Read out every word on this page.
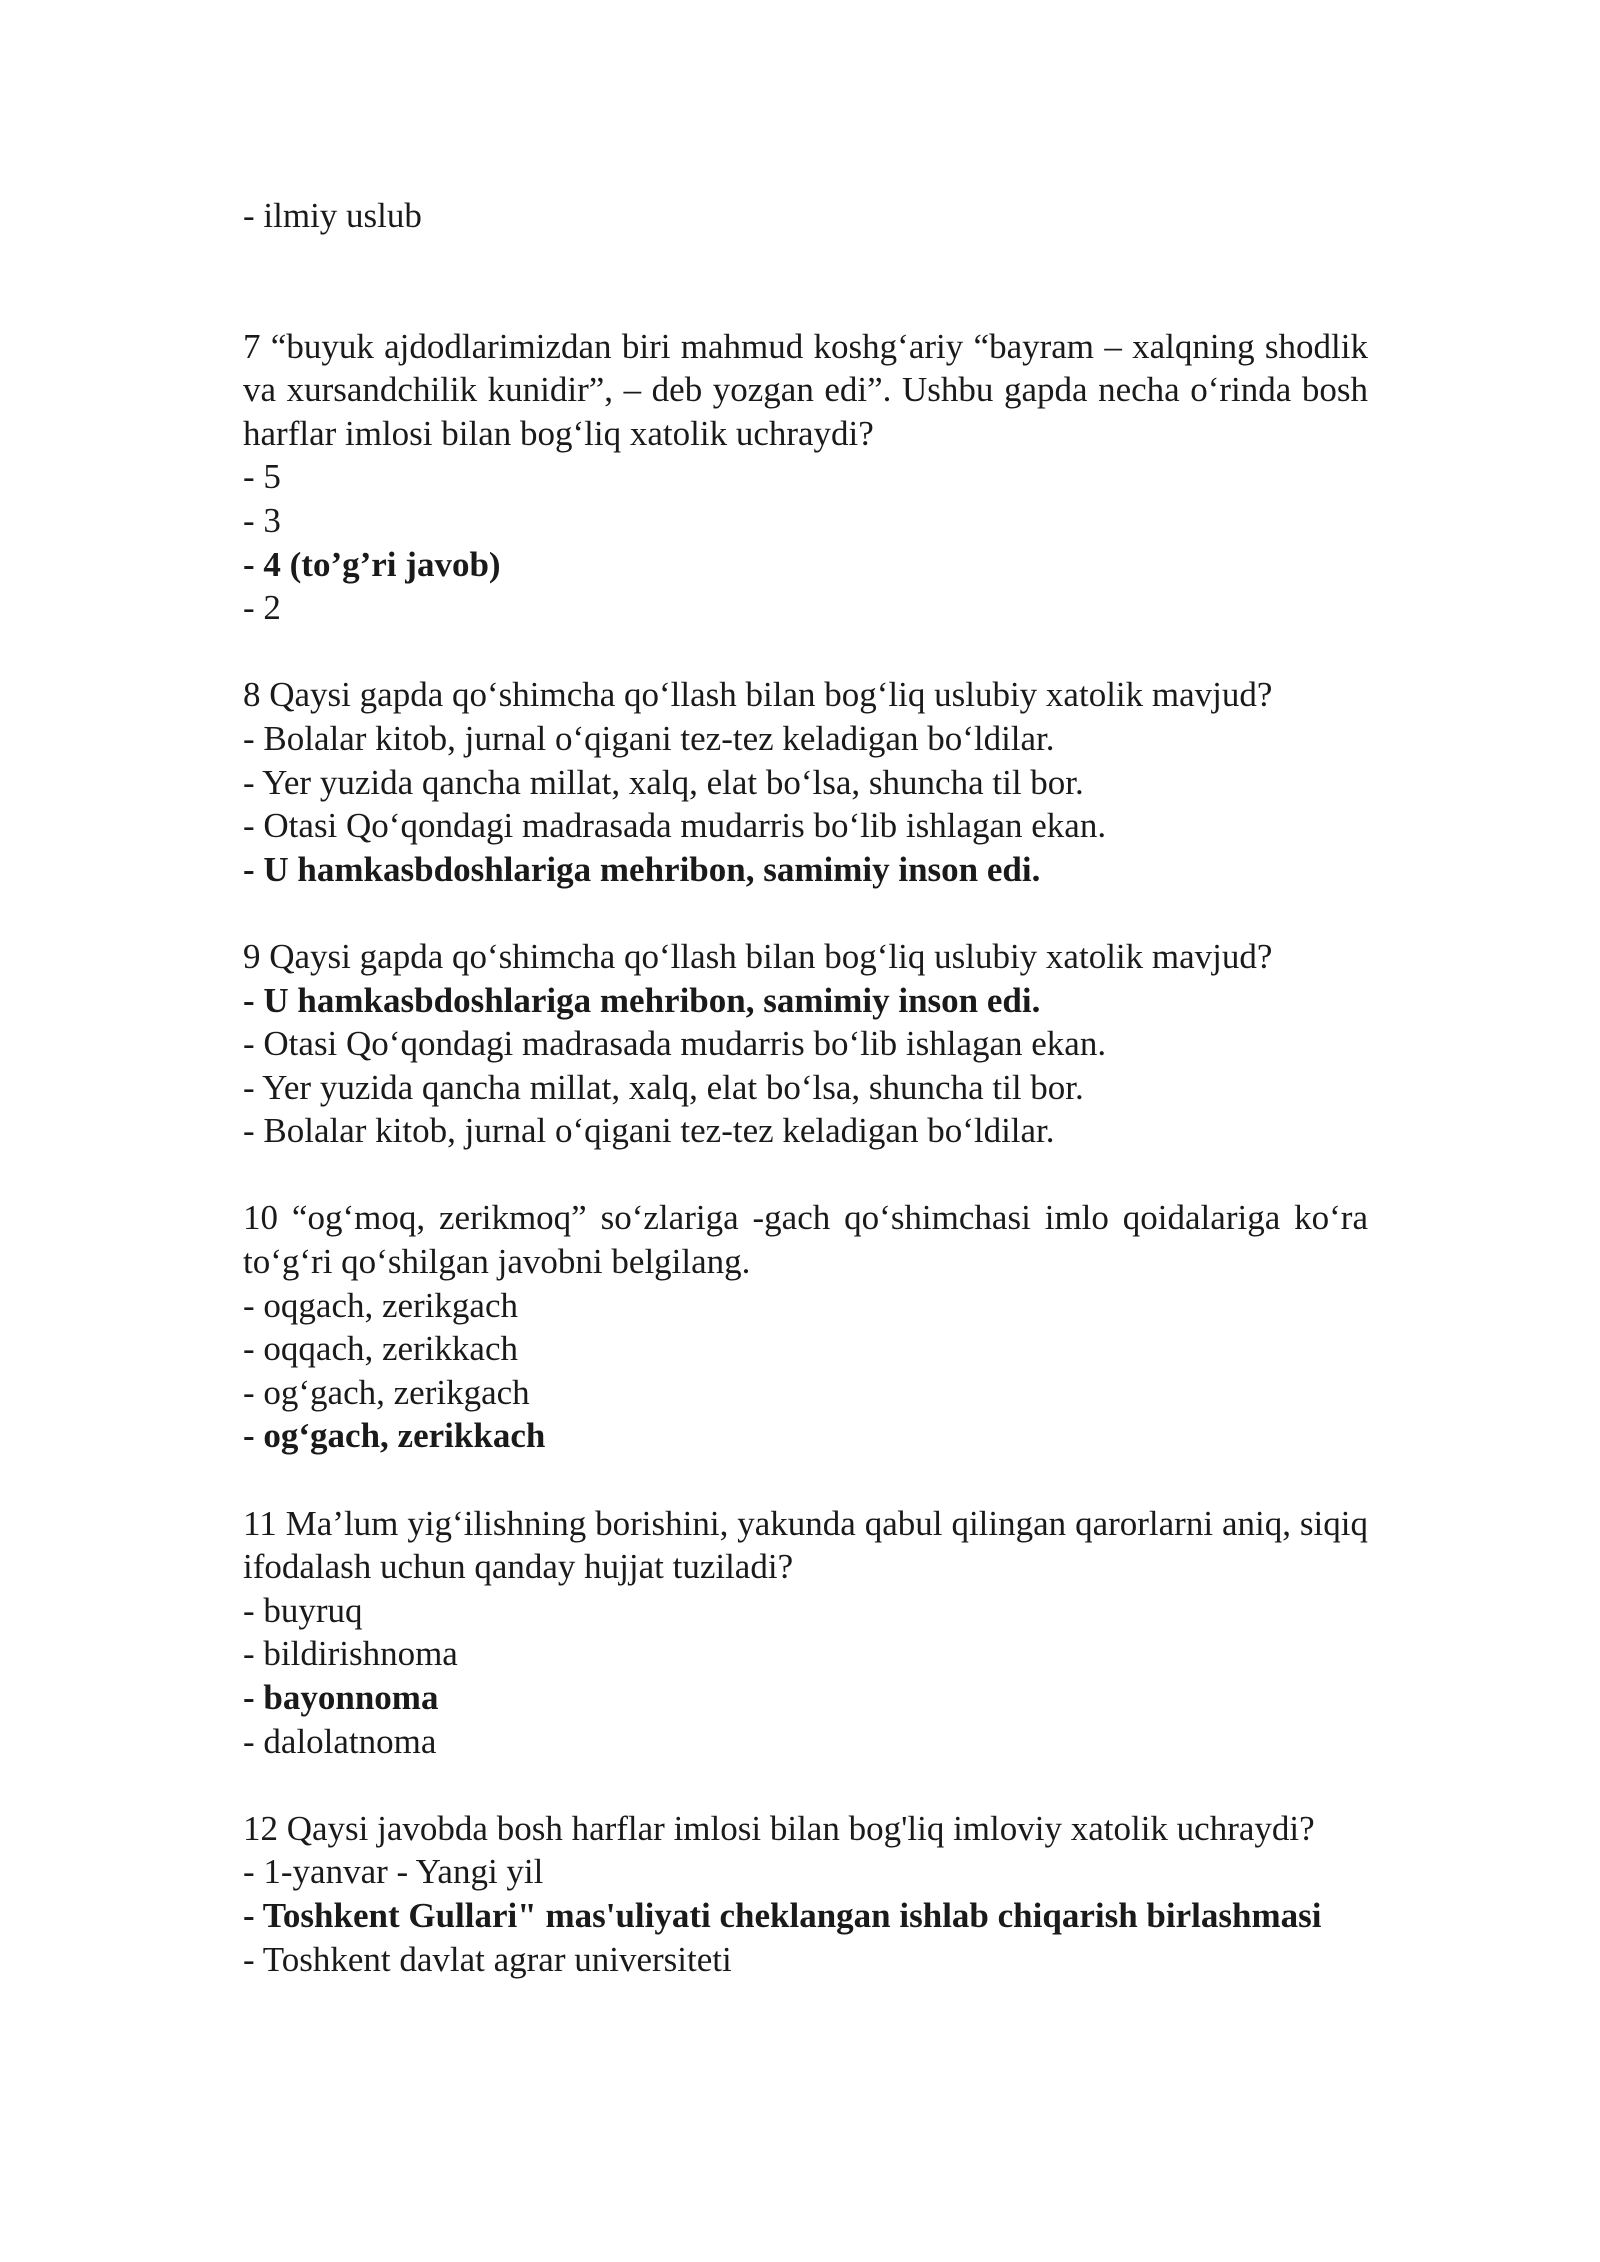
- ilmiy uslub

7 “buyuk ajdodlarimizdan biri mahmud koshg‘ariy “bayram – xalqning shodlik va xursandchilik kunidir”, – deb yozgan edi”. Ushbu gapda necha o‘rinda bosh harflar imlosi bilan bog‘liq xatolik uchraydi?

- 5

- 3

- 4 (to’g’ri javob)

- 2

8 Qaysi gapda qo‘shimcha qo‘llash bilan bog‘liq uslubiy xatolik mavjud?

- Bolalar kitob, jurnal o‘qigani tez-tez keladigan bo‘ldilar.

- Yer yuzida qancha millat, xalq, elat bo‘lsa, shuncha til bor.

- Otasi Qo‘qondagi madrasada mudarris bo‘lib ishlagan ekan.

- U hamkasbdoshlariga mehribon, samimiy inson edi.

9 Qaysi gapda qo‘shimcha qo‘llash bilan bog‘liq uslubiy xatolik mavjud?

- U hamkasbdoshlariga mehribon, samimiy inson edi.

- Otasi Qo‘qondagi madrasada mudarris bo‘lib ishlagan ekan.

- Yer yuzida qancha millat, xalq, elat bo‘lsa, shuncha til bor.

- Bolalar kitob, jurnal o‘qigani tez-tez keladigan bo‘ldilar.

10 “og‘moq, zerikmoq” so‘zlariga -gach qo‘shimchasi imlo qoidalariga ko‘ra to‘g‘ri qo‘shilgan javobni belgilang.

- oqgach, zerikgach

- oqqach, zerikkach

- og‘gach, zerikgach

- og‘gach, zerikkach

11 Ma’lum yig‘ilishning borishini, yakunda qabul qilingan qarorlarni aniq, siqiq ifodalash uchun qanday hujjat tuziladi?

- buyruq

- bildirishnoma

- bayonnoma

- dalolatnoma

12 Qaysi javobda bosh harflar imlosi bilan bog'liq imloviy xatolik uchraydi?

- 1-yanvar - Yangi yil

- Toshkent Gullari" mas'uliyati cheklangan ishlab chiqarish birlashmasi

- Toshkent davlat agrar universiteti
